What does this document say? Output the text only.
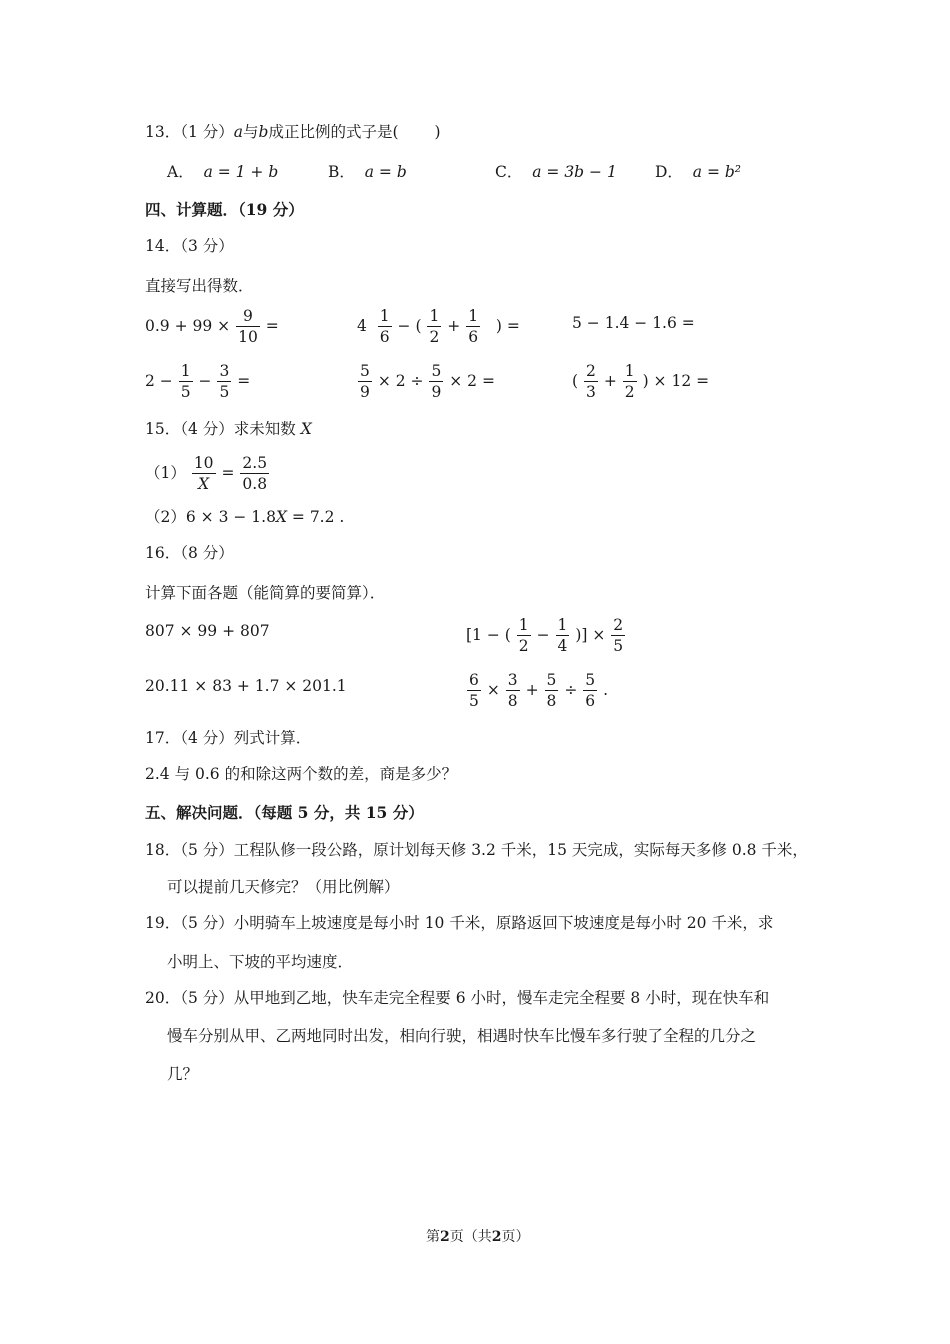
13．（1 分）a与b成正比例的式子是( )
A． a = 1 + b	B． a = b	C． a = 3b − 1 D． a = b²
四、计算题．（19 分）
14．（3 分）
直接写出得数．
$0.9 + 99 \times \frac{9}{10}$ =	$4 \frac{1}{6}$ − ( $\frac{1}{2} + \frac{1}{6}$ ) =	5 − 1.4 − 1.6 =
$2 - \frac{1}{5} - \frac{3}{5}$ =	$\frac{5}{9} \times 2 \div \frac{5}{9} \times 2$ =	( $\frac{2}{3} + \frac{1}{2}$ ) × 12 =
15．（4 分）求未知数 X
$(1) \frac{10}{X} = \frac{2.5}{0.8}$
（2）6 × 3 − 1.8X = 7.2 .
16．（8 分）
计算下面各题（能简算的要简算）．
807 × 99 + 807	[1 − ( $\frac{1}{2} - \frac{1}{4}$ )] × $\frac{2}{5}$
20.11 × 83 + 1.7 × 201.1	$\frac{6}{5} \times \frac{3}{8} + \frac{5}{8} \div \frac{5}{6}$ .
17．（4 分）列式计算．
2.4 与 0.6 的和除这两个数的差，商是多少？
五、解决问题．（每题 5 分，共 15 分）
18．（5 分）工程队修一段公路，原计划每天修 3.2 千米，15 天完成，实际每天多修 0.8 千米，
可以提前几天修完？（用比例解）
19．（5 分）小明骑车上坡速度是每小时 10 千米，原路返回下坡速度是每小时 20 千米，求
小明上、下坡的平均速度．
20．（5 分）从甲地到乙地，快车走完全程要 6 小时，慢车走完全程要 8 小时，现在快车和
慢车分别从甲、乙两地同时出发，相向行驶，相遇时快车比慢车多行驶了全程的几分之
几？
第2页（共2页）
